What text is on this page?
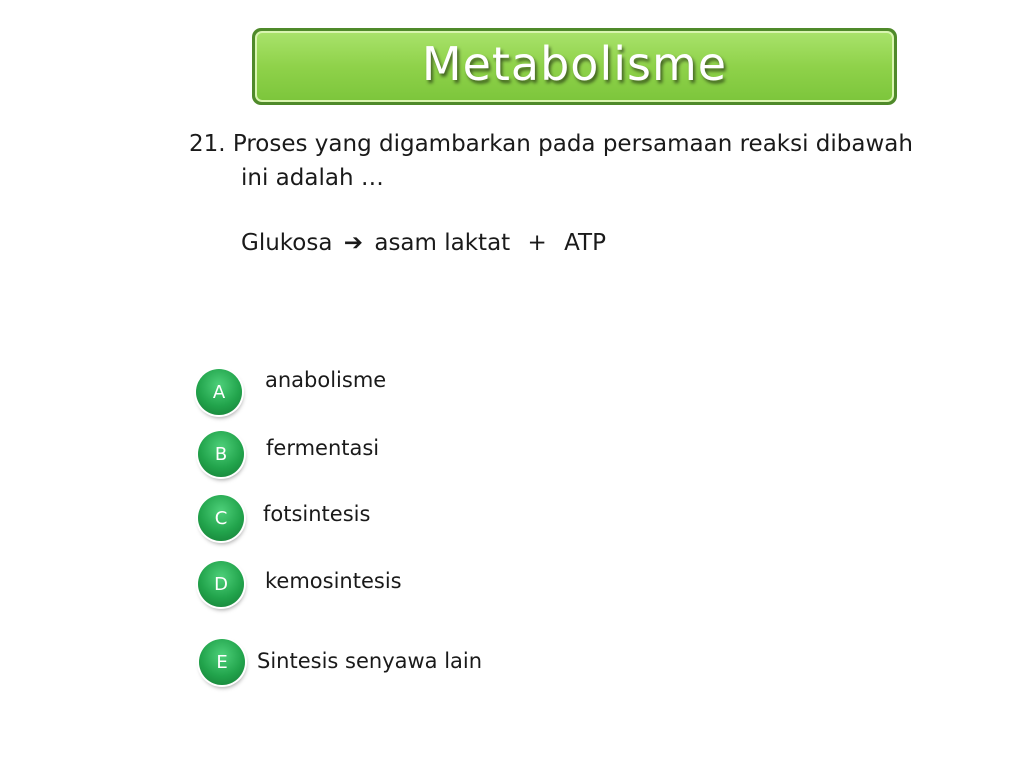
Metabolisme
21. Proses yang digambarkan pada persamaan reaksi dibawah
ini adalah …
Glukosa ➔ asam laktat + ATP
A anabolisme
B fermentasi
C fotsintesis
D kemosintesis
E Sintesis senyawa lain
